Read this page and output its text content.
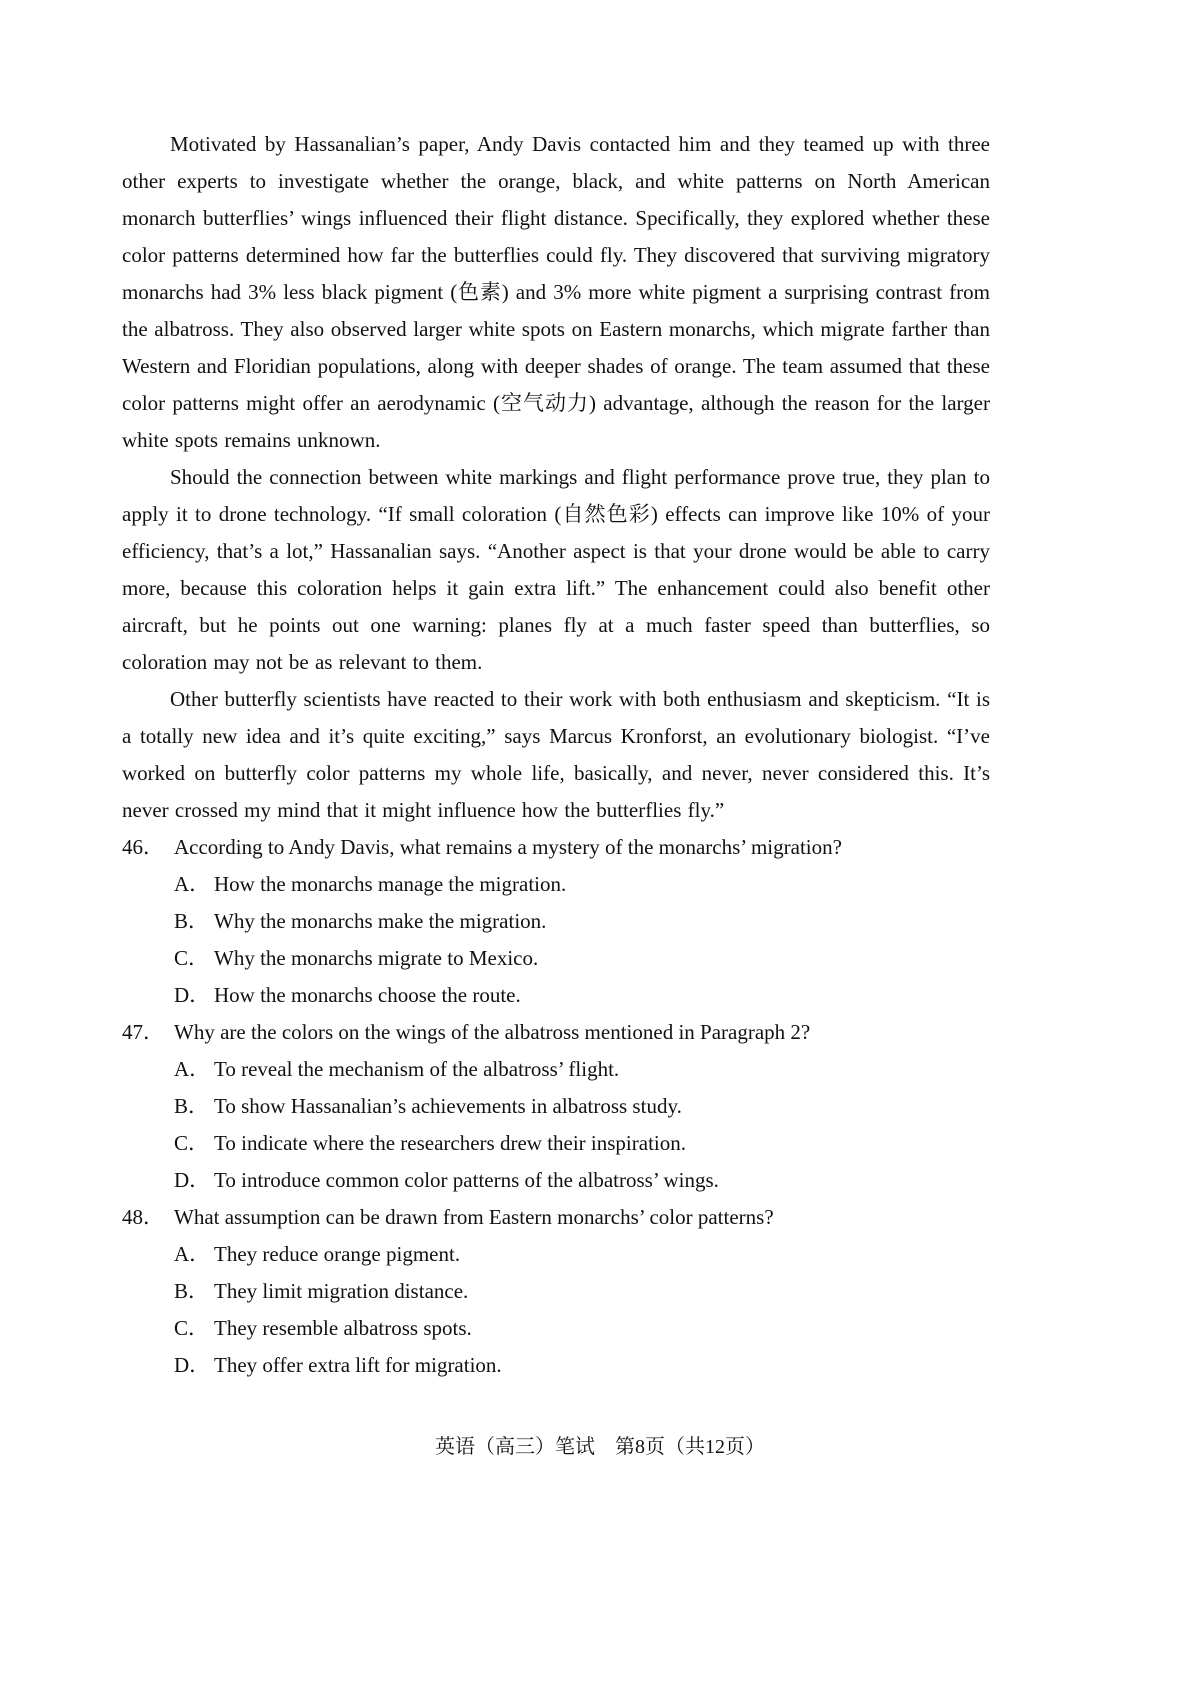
Motivated by Hassanalian’s paper, Andy Davis contacted him and they teamed up with three other experts to investigate whether the orange, black, and white patterns on North American monarch butterflies’ wings influenced their flight distance. Specifically, they explored whether these color patterns determined how far the butterflies could fly. They discovered that surviving migratory monarchs had 3% less black pigment (色素) and 3% more white pigment a surprising contrast from the albatross. They also observed larger white spots on Eastern monarchs, which migrate farther than Western and Floridian populations, along with deeper shades of orange. The team assumed that these color patterns might offer an aerodynamic (空气动力) advantage, although the reason for the larger white spots remains unknown.

Should the connection between white markings and flight performance prove true, they plan to apply it to drone technology. “If small coloration (自然色彩) effects can improve like 10% of your efficiency, that’s a lot,” Hassanalian says. “Another aspect is that your drone would be able to carry more, because this coloration helps it gain extra lift.” The enhancement could also benefit other aircraft, but he points out one warning: planes fly at a much faster speed than butterflies, so coloration may not be as relevant to them.

Other butterfly scientists have reacted to their work with both enthusiasm and skepticism. “It is a totally new idea and it’s quite exciting,” says Marcus Kronforst, an evolutionary biologist. “I’ve worked on butterfly color patterns my whole life, basically, and never, never considered this. It’s never crossed my mind that it might influence how the butterflies fly.”

46． According to Andy Davis, what remains a mystery of the monarchs’ migration?
A． How the monarchs manage the migration.
B． Why the monarchs make the migration.
C． Why the monarchs migrate to Mexico.
D． How the monarchs choose the route.
47． Why are the colors on the wings of the albatross mentioned in Paragraph 2?
A． To reveal the mechanism of the albatross’ flight.
B． To show Hassanalian’s achievements in albatross study.
C． To indicate where the researchers drew their inspiration.
D． To introduce common color patterns of the albatross’ wings.
48． What assumption can be drawn from Eastern monarchs’ color patterns?
A． They reduce orange pigment.
B． They limit migration distance.
C． They resemble albatross spots.
D． They offer extra lift for migration.
英语（高三）笔试　第8页（共12页）
